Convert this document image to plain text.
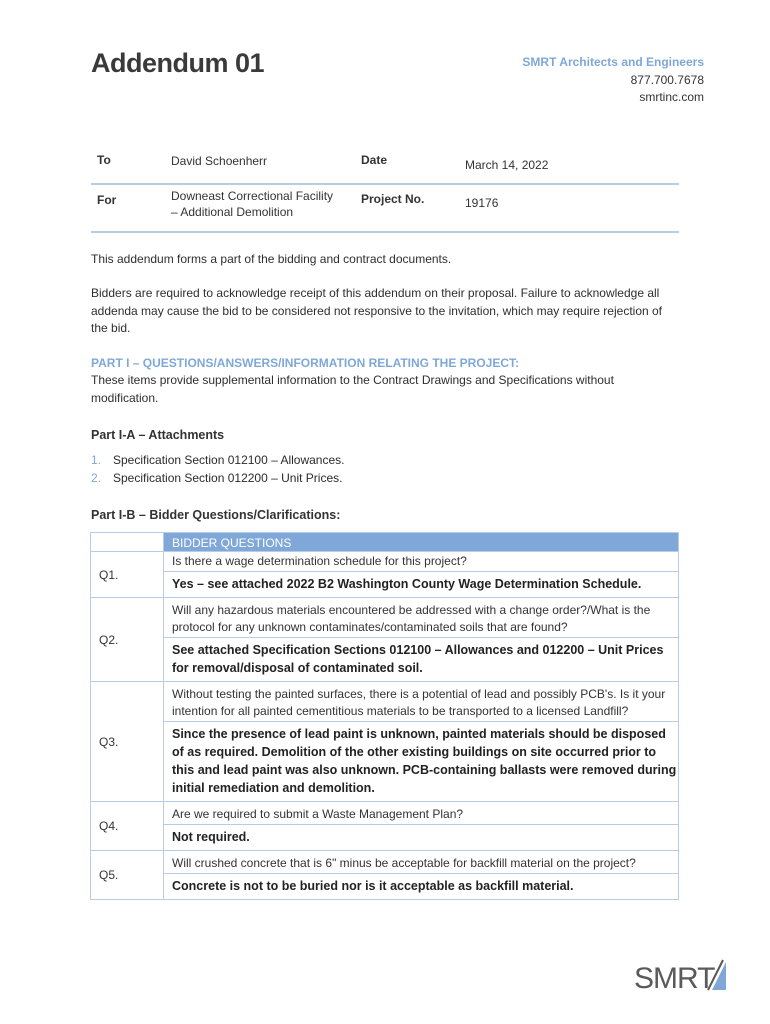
Addendum 01	SMRT Architects and Engineers
877.700.7678
smrtinc.com
To	David Schoenherr	Date	March 14, 2022
For	Downeast Correctional Facility
– Additional Demolition	Project No.	19176
This addendum forms a part of the bidding and contract documents.
Bidders are required to acknowledge receipt of this addendum on their proposal. Failure to acknowledge all addenda may cause the bid to be considered not responsive to the invitation, which may require rejection of the bid.
PART I – QUESTIONS/ANSWERS/INFORMATION RELATING THE PROJECT:
These items provide supplemental information to the Contract Drawings and Specifications without modification.
Part I-A – Attachments
1. Specification Section 012100 – Allowances.
2. Specification Section 012200 – Unit Prices.
Part I-B – Bidder Questions/Clarifications:
	BIDDER QUESTIONS
Q1.	Is there a wage determination schedule for this project?
	Yes – see attached 2022 B2 Washington County Wage Determination Schedule.
Q2.	Will any hazardous materials encountered be addressed with a change order?/What is the protocol for any unknown contaminates/contaminated soils that are found?
	See attached Specification Sections 012100 – Allowances and 012200 – Unit Prices for removal/disposal of contaminated soil.
Q3.	Without testing the painted surfaces, there is a potential of lead and possibly PCB's. Is it your intention for all painted cementitious materials to be transported to a licensed Landfill?
	Since the presence of lead paint is unknown, painted materials should be disposed of as required. Demolition of the other existing buildings on site occurred prior to this and lead paint was also unknown. PCB-containing ballasts were removed during initial remediation and demolition.
Q4.	Are we required to submit a Waste Management Plan?
	Not required.
Q5.	Will crushed concrete that is 6" minus be acceptable for backfill material on the project?
	Concrete is not to be buried nor is it acceptable as backfill material.
SMRT
